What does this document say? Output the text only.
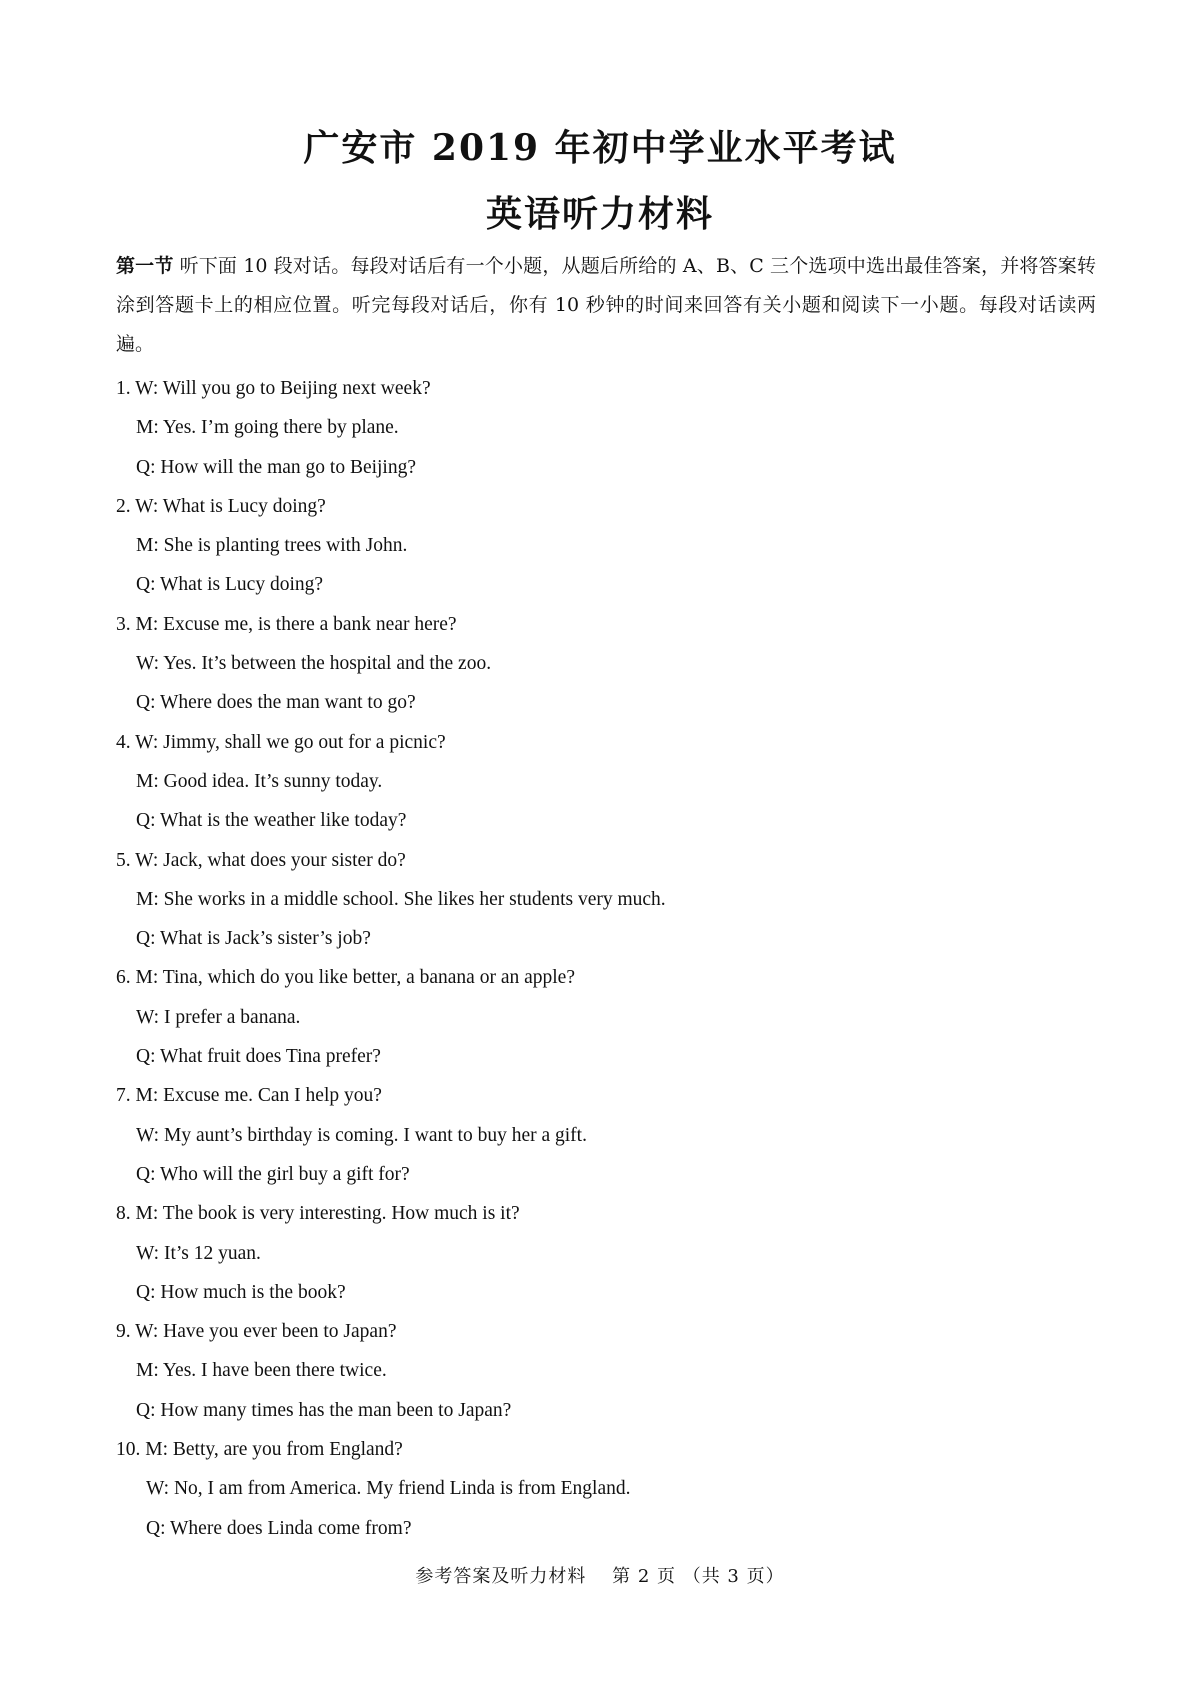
广安市 2019 年初中学业水平考试
英语听力材料
第一节 听下面 10 段对话。每段对话后有一个小题，从题后所给的 A、B、C 三个选项中选出最佳答案，并将答案转涂到答题卡上的相应位置。听完每段对话后，你有 10 秒钟的时间来回答有关小题和阅读下一小题。每段对话读两遍。
1. W: Will you go to Beijing next week?
M: Yes. I’m going there by plane.
Q: How will the man go to Beijing?
2. W: What is Lucy doing?
M: She is planting trees with John.
Q: What is Lucy doing?
3. M: Excuse me, is there a bank near here?
W: Yes. It’s between the hospital and the zoo.
Q: Where does the man want to go?
4. W: Jimmy, shall we go out for a picnic?
M: Good idea. It’s sunny today.
Q: What is the weather like today?
5. W: Jack, what does your sister do?
M: She works in a middle school. She likes her students very much.
Q: What is Jack’s sister’s job?
6. M: Tina, which do you like better, a banana or an apple?
W: I prefer a banana.
Q: What fruit does Tina prefer?
7. M: Excuse me. Can I help you?
W: My aunt’s birthday is coming. I want to buy her a gift.
Q: Who will the girl buy a gift for?
8. M: The book is very interesting. How much is it?
W: It’s 12 yuan.
Q: How much is the book?
9. W: Have you ever been to Japan?
M: Yes. I have been there twice.
Q: How many times has the man been to Japan?
10. M: Betty, are you from England?
W: No, I am from America. My friend Linda is from England.
Q: Where does Linda come from?
参考答案及听力材料　 第 2 页 （共 3 页）
